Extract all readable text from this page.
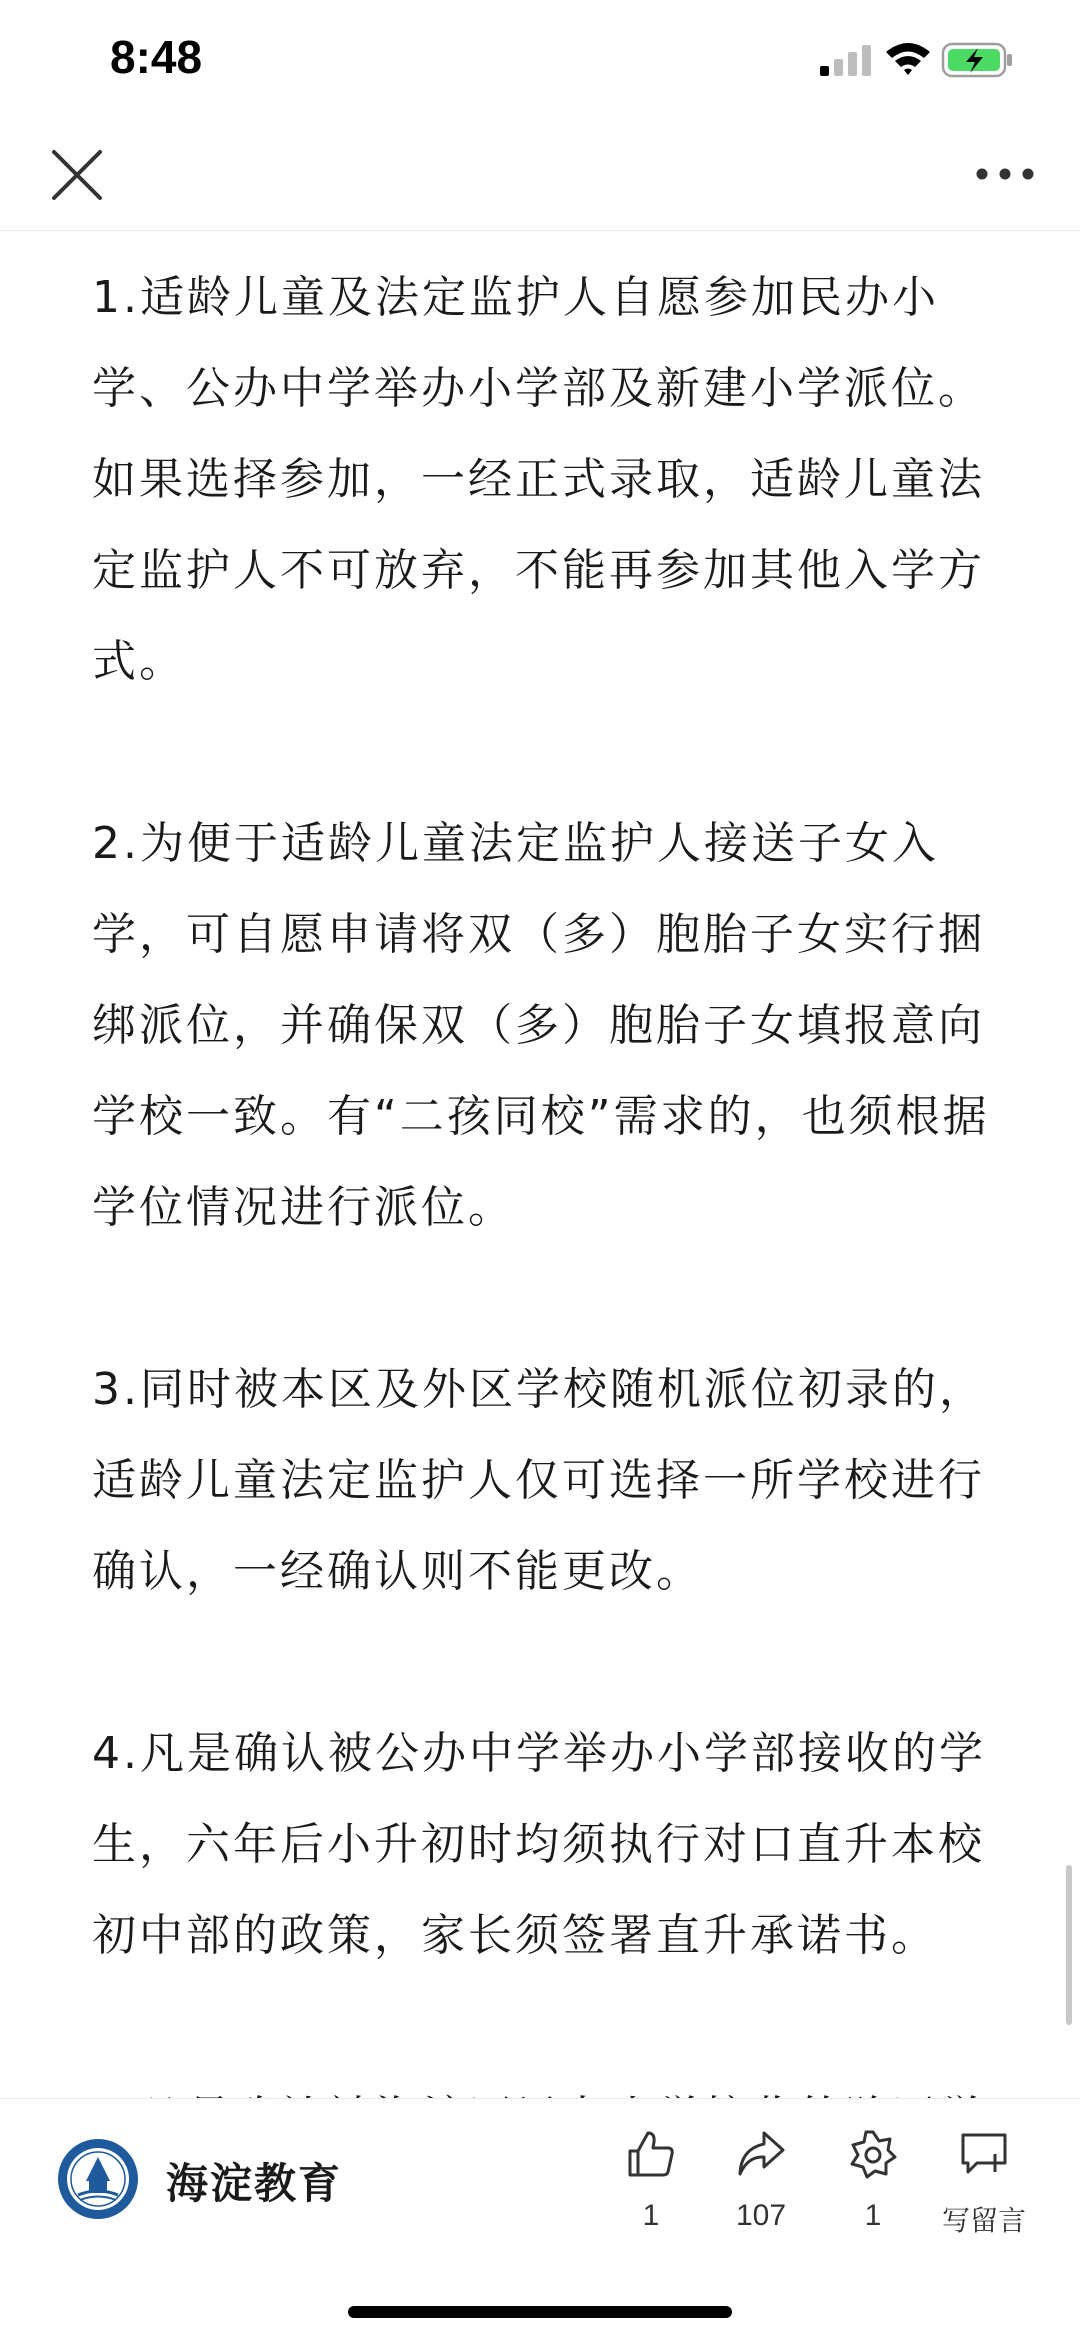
8:48

1.适龄儿童及法定监护人自愿参加民办小学、公办中学举办小学部及新建小学派位。如果选择参加，一经正式录取，适龄儿童法定监护人不可放弃，不能再参加其他入学方式。

2.为便于适龄儿童法定监护人接送子女入学，可自愿申请将双（多）胞胎子女实行捆绑派位，并确保双（多）胞胎子女填报意向学校一致。有“二孩同校”需求的，也须根据学位情况进行派位。

3.同时被本区及外区学校随机派位初录的，适龄儿童法定监护人仅可选择一所学校进行确认，一经确认则不能更改。

4.凡是确认被公办中学举办小学部接收的学生，六年后小升初时均须执行对口直升本校初中部的政策，家长须签署直升承诺书。

海淀教育
1	107	1	写留言
